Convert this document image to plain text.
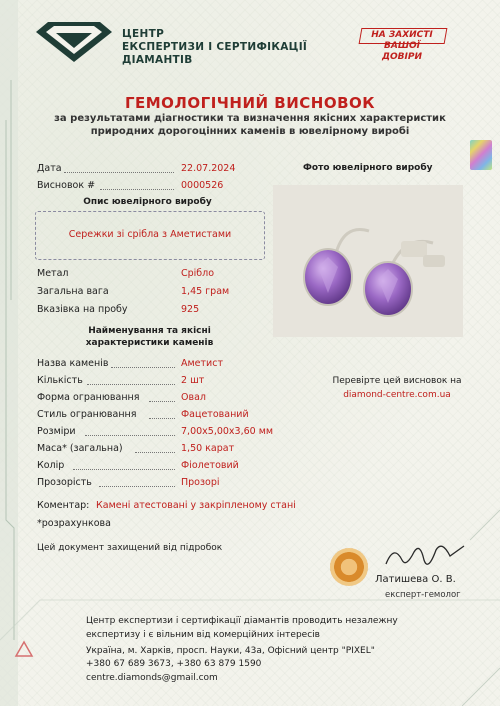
ЦЕНТР
ЕКСПЕРТИЗИ І СЕРТИФІКАЦІЇ
ДІАМАНТІВ
НА ЗАХИСТІ
ВАШОЇ
ДОВІРИ
ГЕМОЛОГІЧНИЙ ВИСНОВОК
за результатами діагностики та визначення якісних характеристик
природних дорогоцінних каменів в ювелірному виробі
Дата	22.07.2024
Висновок #	0000526
Фото ювелірного виробу
Опис ювелірного виробу
Сережки зі срібла з Аметистами
Метал	Срібло
Загальна вага	1,45 грам
Вказівка на пробу	925
Найменування та якісні
характеристики каменів
Назва каменів	Аметист
Кількість	2 шт
Форма огранювання	Овал
Стиль огранювання	Фацетований
Розміри	7,00х5,00х3,60 мм
Маса* (загальна)	1,50 карат
Колір	Фіолетовий
Прозорість	Прозорі
Коментар: Камені атестовані у закріпленому стані
*розрахункова
Перевірте цей висновок на
diamond-centre.com.ua
Цей документ захищений від підробок
Латишева О. В.
експерт-гемолог
Центр експертизи і сертифікації діамантів проводить незалежну
експертизу і є вільним від комерційних інтересів
Україна, м. Харків, просп. Науки, 43а, Офісний центр "PIXEL"
+380 67 689 3673, +380 63 879 1590
centre.diamonds@gmail.com
